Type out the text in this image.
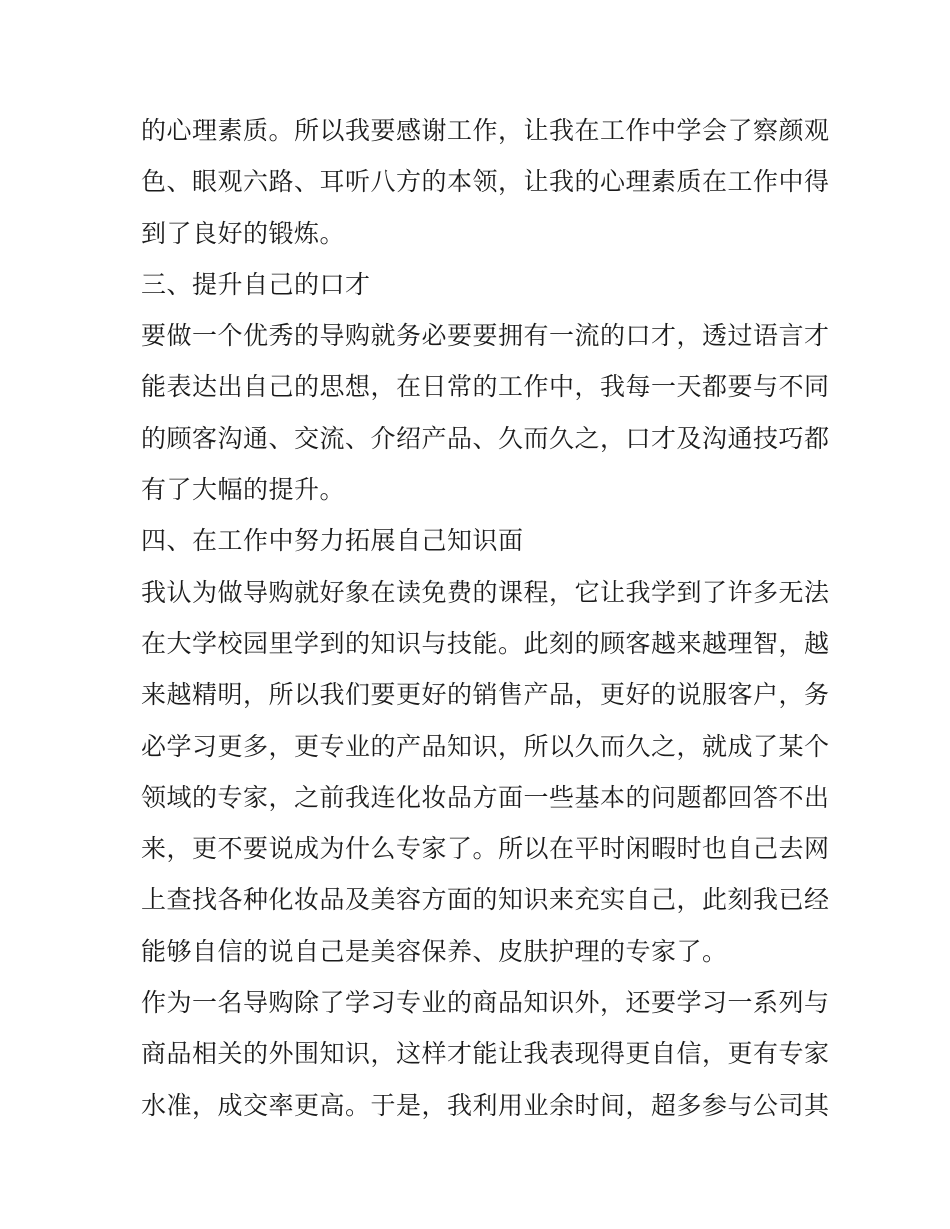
的心理素质。所以我要感谢工作，让我在工作中学会了察颜观
色、眼观六路、耳听八方的本领，让我的心理素质在工作中得
到了良好的锻炼。
三、提升自己的口才
要做一个优秀的导购就务必要要拥有一流的口才，透过语言才
能表达出自己的思想，在日常的工作中，我每一天都要与不同
的顾客沟通、交流、介绍产品、久而久之，口才及沟通技巧都
有了大幅的提升。
四、在工作中努力拓展自己知识面
我认为做导购就好象在读免费的课程，它让我学到了许多无法
在大学校园里学到的知识与技能。此刻的顾客越来越理智，越
来越精明，所以我们要更好的销售产品，更好的说服客户，务
必学习更多，更专业的产品知识，所以久而久之，就成了某个
领域的专家，之前我连化妆品方面一些基本的问题都回答不出
来，更不要说成为什么专家了。所以在平时闲暇时也自己去网
上查找各种化妆品及美容方面的知识来充实自己，此刻我已经
能够自信的说自己是美容保养、皮肤护理的专家了。
作为一名导购除了学习专业的商品知识外，还要学习一系列与
商品相关的外围知识，这样才能让我表现得更自信，更有专家
水准，成交率更高。于是，我利用业余时间，超多参与公司其
